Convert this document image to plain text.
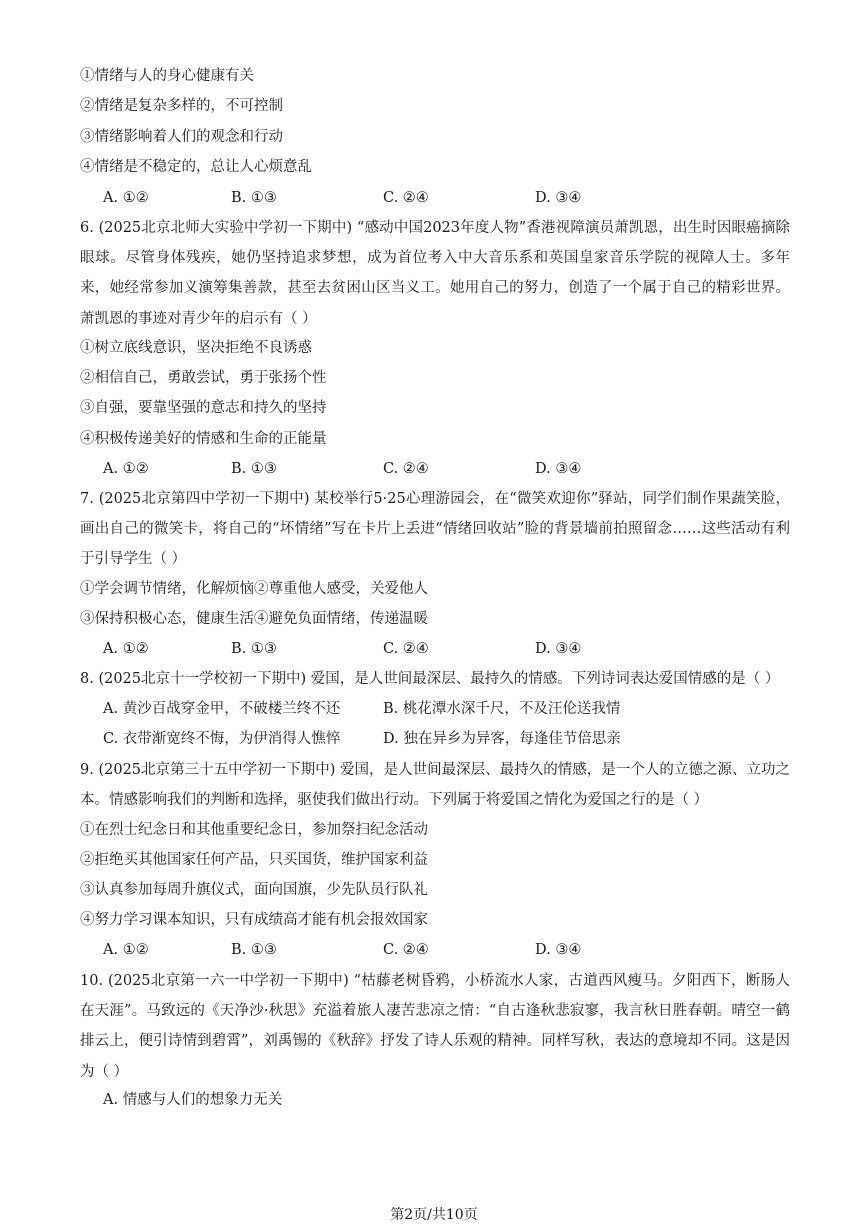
①情绪与人的身心健康有关
②情绪是复杂多样的，不可控制
③情绪影响着人们的观念和行动
④情绪是不稳定的，总让人心烦意乱
A. ①②	B. ①③	C. ②④	D. ③④
6. (2025北京北师大实验中学初一下期中) “感动中国2023年度人物”香港视障演员萧凯恩，出生时因眼癌摘除眼球。尽管身体残疾，她仍坚持追求梦想，成为首位考入中大音乐系和英国皇家音乐学院的视障人士。多年来，她经常参加义演筹集善款，甚至去贫困山区当义工。她用自己的努力，创造了一个属于自己的精彩世界。萧凯恩的事迹对青少年的启示有（ ）
①树立底线意识，坚决拒绝不良诱惑
②相信自己，勇敢尝试，勇于张扬个性
③自强，要靠坚强的意志和持久的坚持
④积极传递美好的情感和生命的正能量
A. ①②	B. ①③	C. ②④	D. ③④
7. (2025北京第四中学初一下期中) 某校举行5·25心理游园会，在“微笑欢迎你”驿站，同学们制作果蔬笑脸，画出自己的微笑卡，将自己的“坏情绪”写在卡片上丢进“情绪回收站”脸的背景墙前拍照留念……这些活动有利于引导学生（ ）
①学会调节情绪，化解烦恼②尊重他人感受，关爱他人
③保持积极心态，健康生活④避免负面情绪，传递温暖
A. ①②	B. ①③	C. ②④	D. ③④
8. (2025北京十一学校初一下期中) 爱国，是人世间最深层、最持久的情感。下列诗词表达爱国情感的是（ ）
A. 黄沙百战穿金甲，不破楼兰终不还	B. 桃花潭水深千尺，不及汪伦送我情
C. 衣带渐宽终不悔，为伊消得人憔悴	D. 独在异乡为异客，每逢佳节倍思亲
9. (2025北京第三十五中学初一下期中) 爱国，是人世间最深层、最持久的情感，是一个人的立德之源、立功之本。情感影响我们的判断和选择，驱使我们做出行动。下列属于将爱国之情化为爱国之行的是（ ）
①在烈士纪念日和其他重要纪念日，参加祭扫纪念活动
②拒绝买其他国家任何产品，只买国货，维护国家利益
③认真参加每周升旗仪式，面向国旗，少先队员行队礼
④努力学习课本知识，只有成绩高才能有机会报效国家
A. ①②	B. ①③	C. ②④	D. ③④
10. (2025北京第一六一中学初一下期中) “枯藤老树昏鸦，小桥流水人家，古道西风瘦马。夕阳西下，断肠人在天涯”。马致远的《天净沙·秋思》充溢着旅人凄苦悲凉之情：“自古逢秋悲寂寥，我言秋日胜春朝。晴空一鹤排云上，便引诗情到碧霄”，刘禹锡的《秋辞》抒发了诗人乐观的精神。同样写秋，表达的意境却不同。这是因为（ ）
A. 情感与人们的想象力无关
第2页/共10页
